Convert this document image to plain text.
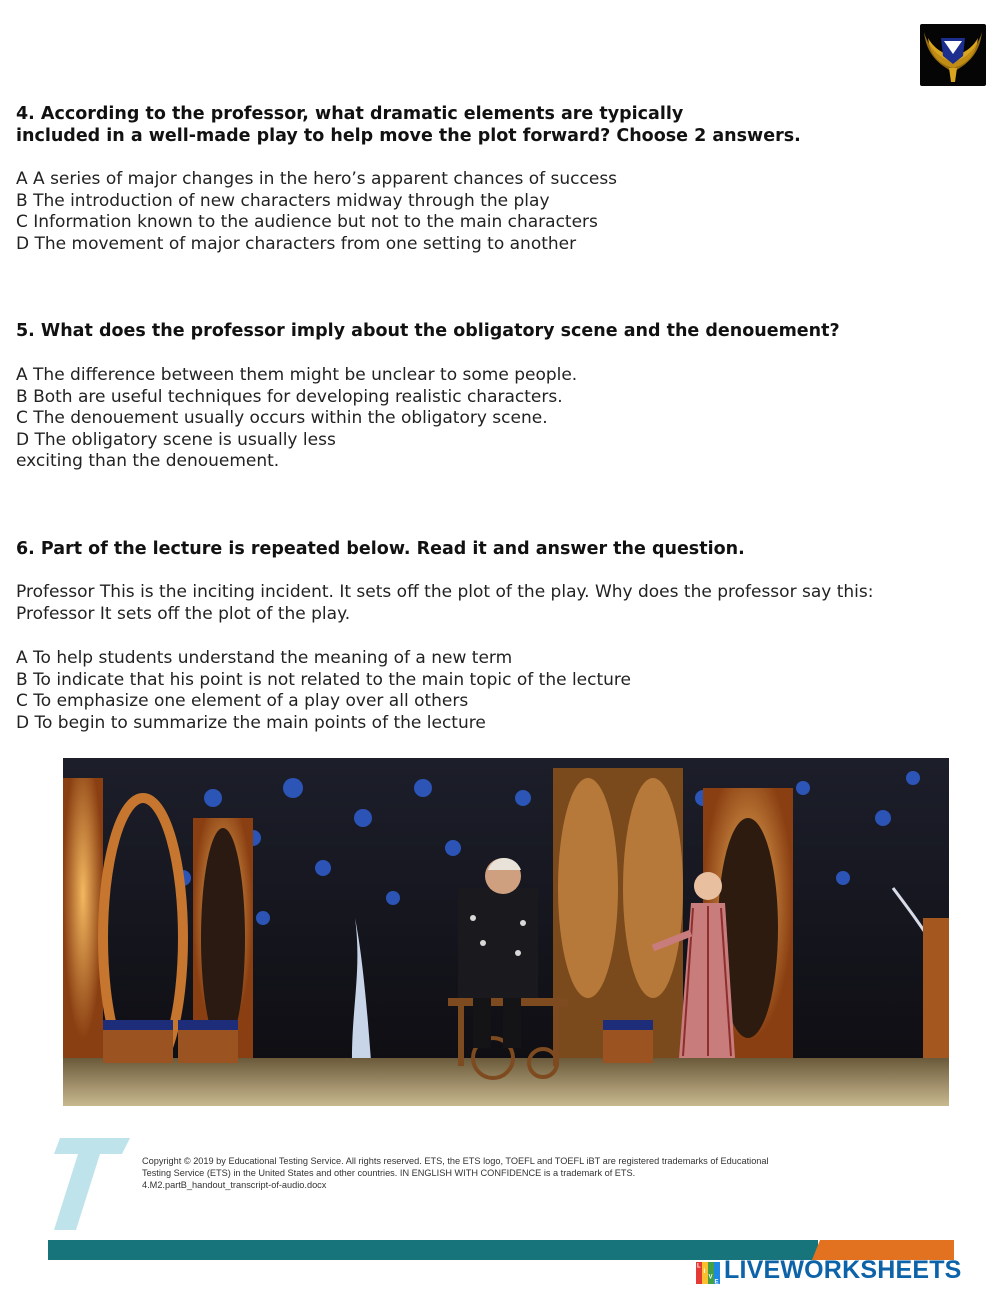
4. According to the professor, what dramatic elements are typically
included in a well-made play to help move the plot forward? Choose 2 answers.
A A series of major changes in the hero’s apparent chances of success
B The introduction of new characters midway through the play
C Information known to the audience but not to the main characters
D The movement of major characters from one setting to another
5. What does the professor imply about the obligatory scene and the denouement?
A The difference between them might be unclear to some people.
B Both are useful techniques for developing realistic characters.
C The denouement usually occurs within the obligatory scene.
D The obligatory scene is usually less
exciting than the denouement.
6. Part of the lecture is repeated below. Read it and answer the question.
Professor This is the inciting incident. It sets off the plot of the play. Why does the professor say this:
Professor It sets off the plot of the play.
A To help students understand the meaning of a new term
B To indicate that his point is not related to the main topic of the lecture
C To emphasize one element of a play over all others
D To begin to summarize the main points of the lecture
Copyright © 2019 by Educational Testing Service. All rights reserved. ETS, the ETS logo, TOEFL and TOEFL iBT are registered trademarks of Educational
Testing Service (ETS) in the United States and other countries. IN ENGLISH WITH CONFIDENCE is a trademark of ETS.
4.M2.partB_handout_transcript-of-audio.docx
L
I
V
E LIVEWORKSHEETS
